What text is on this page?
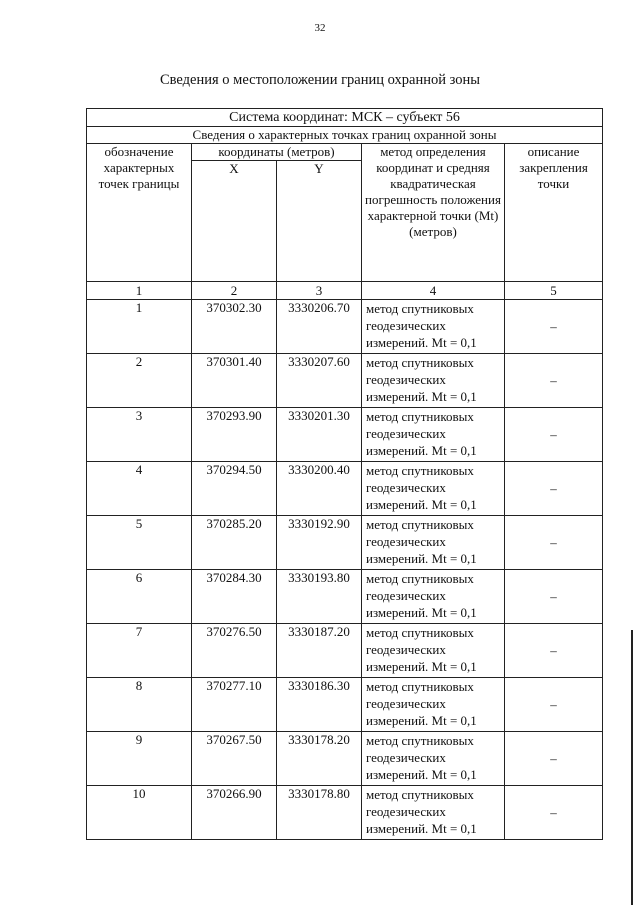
32
Сведения о местоположении границ охранной зоны
Система координат: МСК – субъект 56				
Сведения о характерных точках границ охранной зоны				
обозначение характерных точек границы	координаты (метров)		метод определения координат и средняя квадратическая погрешность положения характерной точки (Mt) (метров)	описание закрепления точки
	X	Y		
1	2	3	4	5
1	370302.30	3330206.70	метод спутниковых
геодезических
измерений. Mt = 0,1	–
2	370301.40	3330207.60	метод спутниковых
геодезических
измерений. Mt = 0,1	–
3	370293.90	3330201.30	метод спутниковых
геодезических
измерений. Mt = 0,1	–
4	370294.50	3330200.40	метод спутниковых
геодезических
измерений. Mt = 0,1	–
5	370285.20	3330192.90	метод спутниковых
геодезических
измерений. Mt = 0,1	–
6	370284.30	3330193.80	метод спутниковых
геодезических
измерений. Mt = 0,1	–
7	370276.50	3330187.20	метод спутниковых
геодезических
измерений. Mt = 0,1	–
8	370277.10	3330186.30	метод спутниковых
геодезических
измерений. Mt = 0,1	–
9	370267.50	3330178.20	метод спутниковых
геодезических
измерений. Mt = 0,1	–
10	370266.90	3330178.80	метод спутниковых
геодезических
измерений. Mt = 0,1	–
